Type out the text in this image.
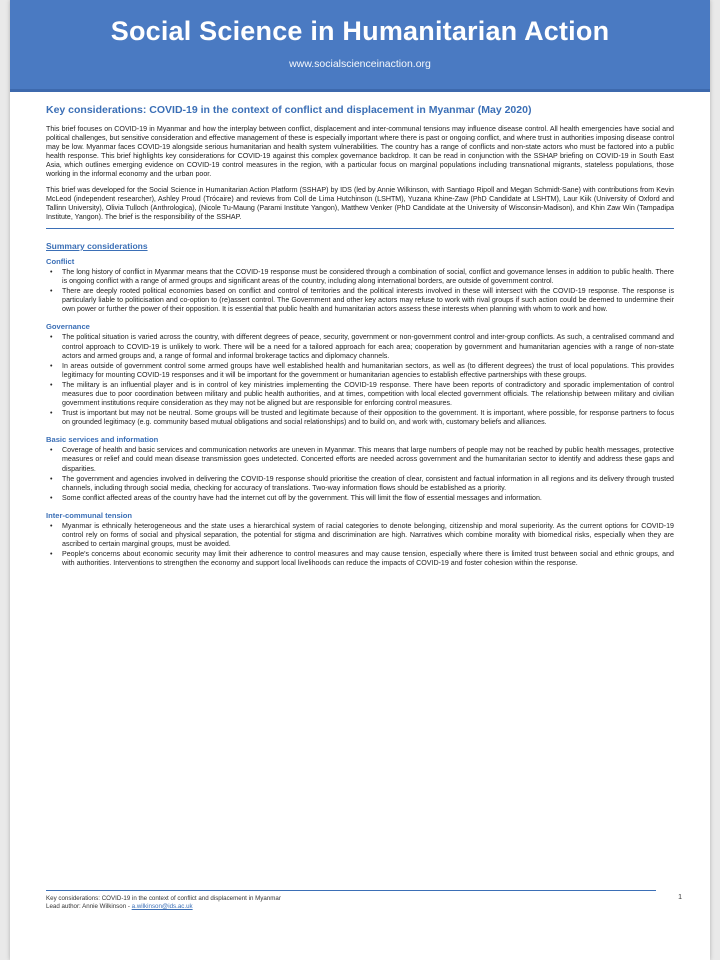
Social Science in Humanitarian Action
www.socialscienceinaction.org
Key considerations: COVID-19 in the context of conflict and displacement in Myanmar (May 2020)

This brief focuses on COVID-19 in Myanmar and how the interplay between conflict, displacement and inter-communal tensions may influence disease control. All health emergencies have social and political challenges, but sensitive consideration and effective management of these is especially important where there is past or ongoing conflict, and where trust in authorities imposing disease control may be low. Myanmar faces COVID-19 alongside serious humanitarian and health system vulnerabilities. The country has a range of conflicts and non-state actors who must be factored into a public health response. This brief highlights key considerations for COVID-19 against this complex governance backdrop. It can be read in conjunction with the SSHAP briefing on COVID-19 in South East Asia, which outlines emerging evidence on COVID-19 control measures in the region, with a particular focus on marginal populations including transnational migrants, stateless populations, those working in the informal economy and the urban poor.

This brief was developed for the Social Science in Humanitarian Action Platform (SSHAP) by IDS (led by Annie Wilkinson, with Santiago Ripoll and Megan Schmidt-Sane) with contributions from Kevin McLeod (independent researcher), Ashley Proud (Trócaire) and reviews from Coll de Lima Hutchinson (LSHTM), Yuzana Khine-Zaw (PhD Candidate at LSHTM), Laur Kiik (University of Oxford and Tallinn University), Olivia Tulloch (Anthrologica), (Nicole Tu-Maung (Parami Institute Yangon), Matthew Venker (PhD Candidate at the University of Wisconsin-Madison), and Khin Zaw Win (Tampadipa Institute, Yangon). The brief is the responsibility of the SSHAP.

Summary considerations
Conflict
• The long history of conflict in Myanmar means that the COVID-19 response must be considered through a combination of social, conflict and governance lenses in addition to public health. There is ongoing conflict with a range of armed groups and significant areas of the country, including along international borders, are outside of government control.
• There are deeply rooted political economies based on conflict and control of territories and the political interests involved in these will intersect with the COVID-19 response. The response is particularly liable to politicisation and co-option to (re)assert control. The Government and other key actors may refuse to work with rival groups if such action could be deemed to undermine their own power or further the power of their opposition. It is essential that public health and humanitarian actors assess these interests when planning with whom to work and how.
Governance
• The political situation is varied across the country, with different degrees of peace, security, government or non-government control and inter-group conflicts. As such, a centralised command and control approach to COVID-19 is unlikely to work. There will be a need for a tailored approach for each area; cooperation by government and humanitarian agencies with a range of non-state actors and armed groups and, a range of formal and informal brokerage tactics and diplomacy channels.
• In areas outside of government control some armed groups have well established health and humanitarian sectors, as well as (to different degrees) the trust of local populations. This provides legitimacy for mounting COVID-19 responses and it will be important for the government or humanitarian agencies to establish effective partnerships with these groups.
• The military is an influential player and is in control of key ministries implementing the COVID-19 response. There have been reports of contradictory and sporadic implementation of control measures due to poor coordination between military and public health authorities, and at times, competition with local elected government officials. The relationship between military and civilian government institutions require consideration as they may not be aligned but are responsible for enforcing control measures.
• Trust is important but may not be neutral. Some groups will be trusted and legitimate because of their opposition to the government. It is important, where possible, for response partners to focus on grounded legitimacy (e.g. community based mutual obligations and social relationships) and to build on, and work with, customary beliefs and alliances.
Basic services and information
• Coverage of health and basic services and communication networks are uneven in Myanmar. This means that large numbers of people may not be reached by public health messages, protective measures or relief and could mean disease transmission goes undetected. Concerted efforts are needed across government and the humanitarian sector to identify and address these gaps and disparities.
• The government and agencies involved in delivering the COVID-19 response should prioritise the creation of clear, consistent and factual information in all regions and its delivery through trusted channels, including through social media, checking for accuracy of translations. Two-way information flows should be established as a priority.
• Some conflict affected areas of the country have had the internet cut off by the government. This will limit the flow of essential messages and information.
Inter-communal tension
• Myanmar is ethnically heterogeneous and the state uses a hierarchical system of racial categories to denote belonging, citizenship and moral superiority. As the current options for COVID-19 control rely on forms of social and physical separation, the potential for stigma and discrimination are high. Narratives which combine morality with biomedical risks, especially when they are ascribed to certain marginal groups, must be avoided.
• People's concerns about economic security may limit their adherence to control measures and may cause tension, especially where there is limited trust between social and ethnic groups, and with authorities. Interventions to strengthen the economy and support local livelihoods can reduce the impacts of COVID-19 and foster cohesion within the response.
Key considerations: COVID-19 in the context of conflict and displacement in Myanmar
Lead author: Annie Wilkinson - a.wilkinson@ids.ac.uk
1
